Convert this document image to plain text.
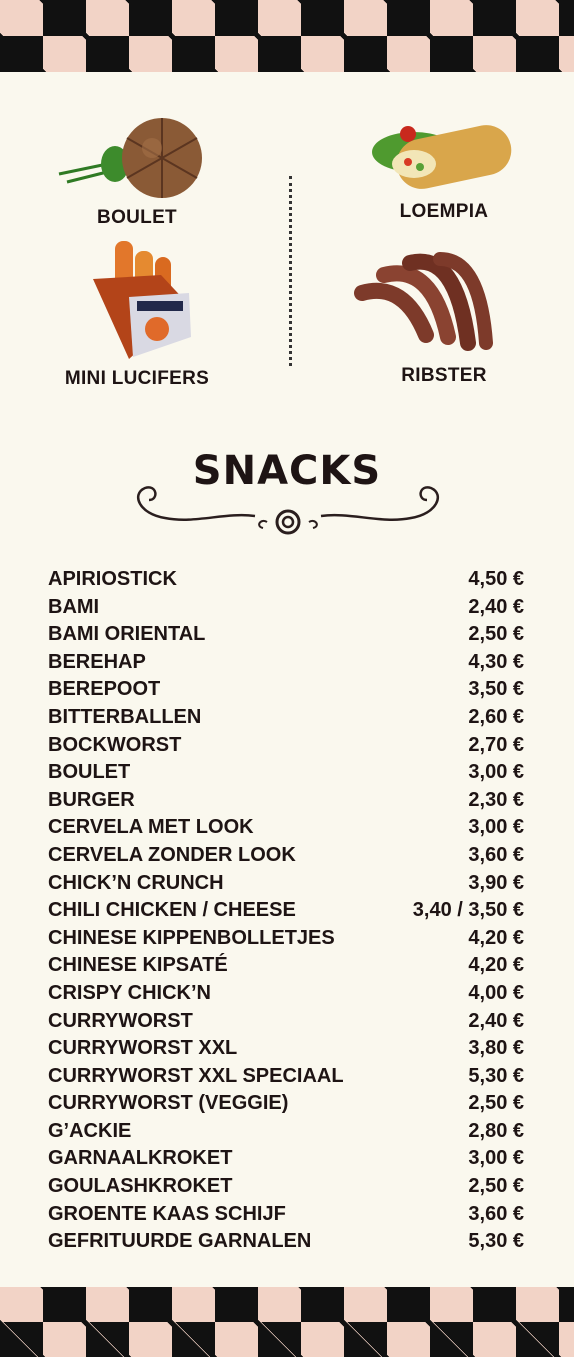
BOULET	LOEMPIA
MINI LUCIFERS	RIBSTER
SNACKS
APIRIOSTICK	4,50 €
BAMI	2,40 €
BAMI ORIENTAL	2,50 €
BEREHAP	4,30 €
BEREPOOT	3,50 €
BITTERBALLEN	2,60 €
BOCKWORST	2,70 €
BOULET	3,00 €
BURGER	2,30 €
CERVELA MET LOOK	3,00 €
CERVELA ZONDER LOOK	3,60 €
CHICK’N CRUNCH	3,90 €
CHILI CHICKEN / CHEESE	3,40 / 3,50 €
CHINESE KIPPENBOLLETJES	4,20 €
CHINESE KIPSATÉ	4,20 €
CRISPY CHICK’N	4,00 €
CURRYWORST	2,40 €
CURRYWORST XXL	3,80 €
CURRYWORST XXL SPECIAAL	5,30 €
CURRYWORST (VEGGIE)	2,50 €
G’ACKIE	2,80 €
GARNAALKROKET	3,00 €
GOULASHKROKET	2,50 €
GROENTE KAAS SCHIJF	3,60 €
GEFRITUURDE GARNALEN	5,30 €
